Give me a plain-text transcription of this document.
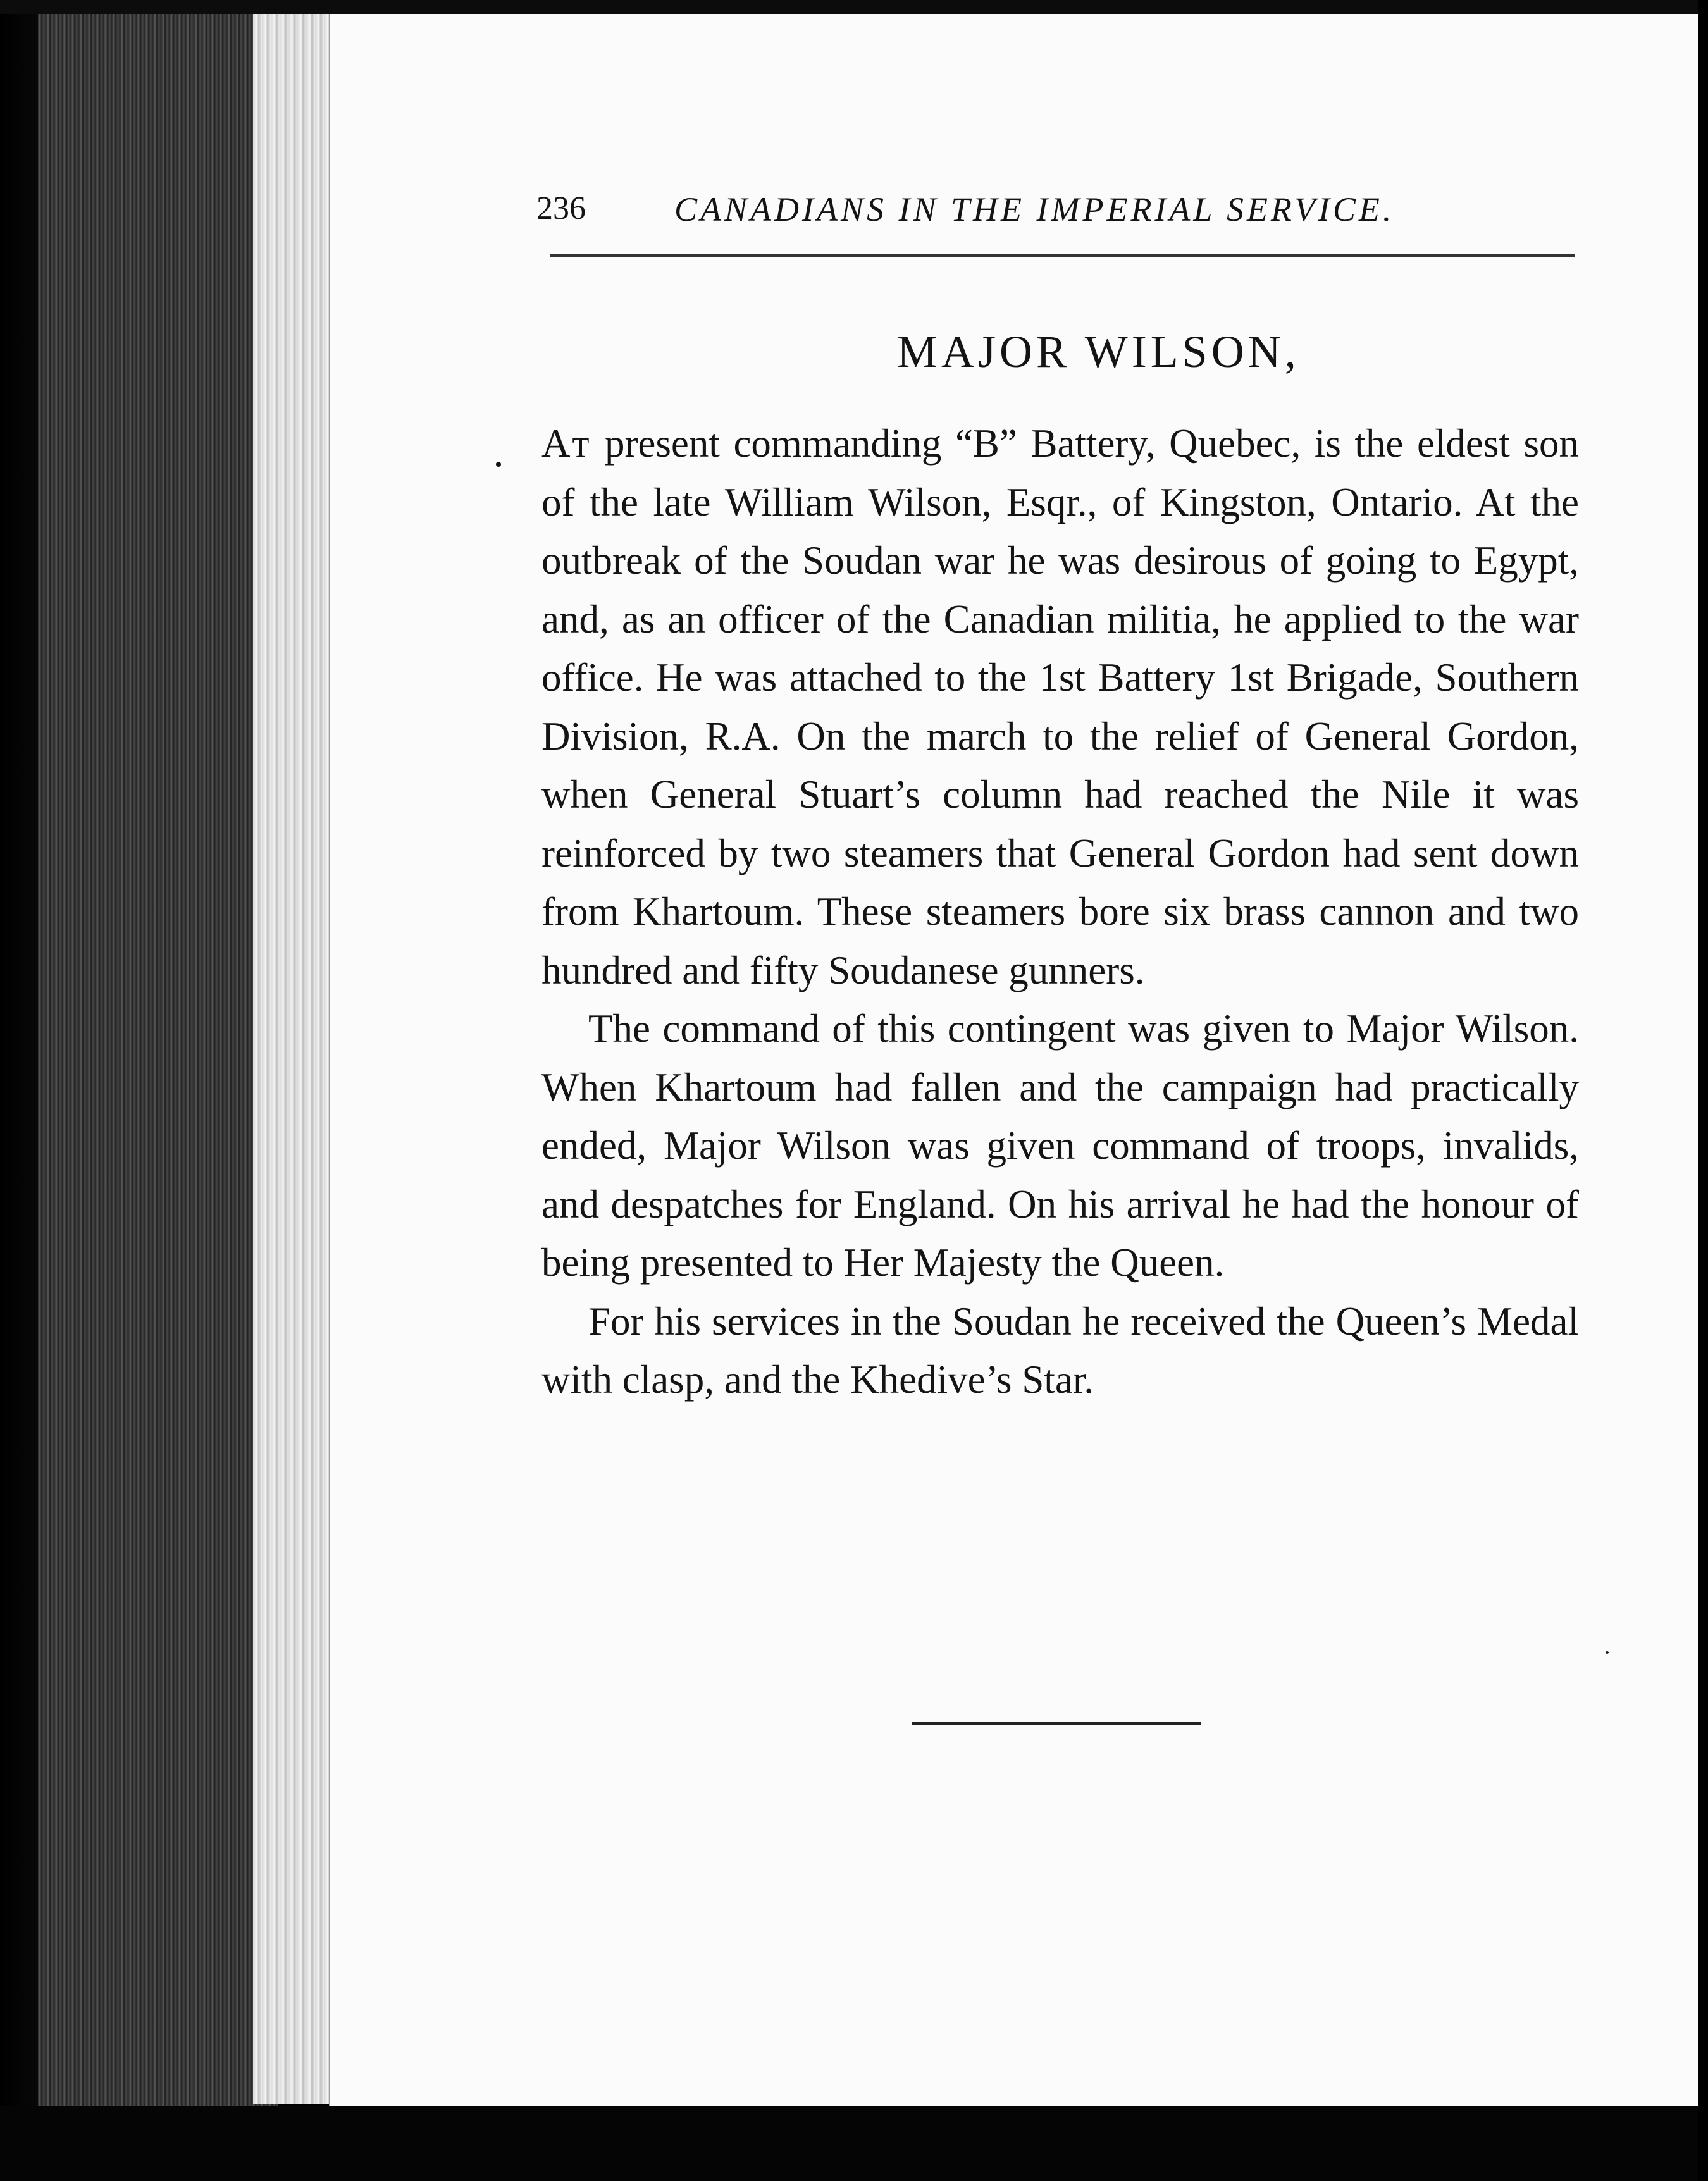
236	CANADIANS IN THE IMPERIAL SERVICE.
MAJOR WILSON,

At present commanding “B” Battery, Quebec, is the eldest son of the late William Wilson, Esqr., of Kingston, Ontario. At the outbreak of the Soudan war he was desirous of going to Egypt, and, as an officer of the Canadian militia, he applied to the war office. He was attached to the 1st Battery 1st Brigade, Southern Division, R.A. On the march to the relief of General Gordon, when General Stuart’s column had reached the Nile it was reinforced by two steamers that General Gordon had sent down from Khartoum. These steamers bore six brass cannon and two hundred and fifty Soudanese gunners.

The command of this contingent was given to Major Wilson. When Khartoum had fallen and the campaign had practically ended, Major Wilson was given command of troops, invalids, and despatches for England. On his arrival he had the honour of being presented to Her Majesty the Queen.

For his services in the Soudan he received the Queen’s Medal with clasp, and the Khedive’s Star.
